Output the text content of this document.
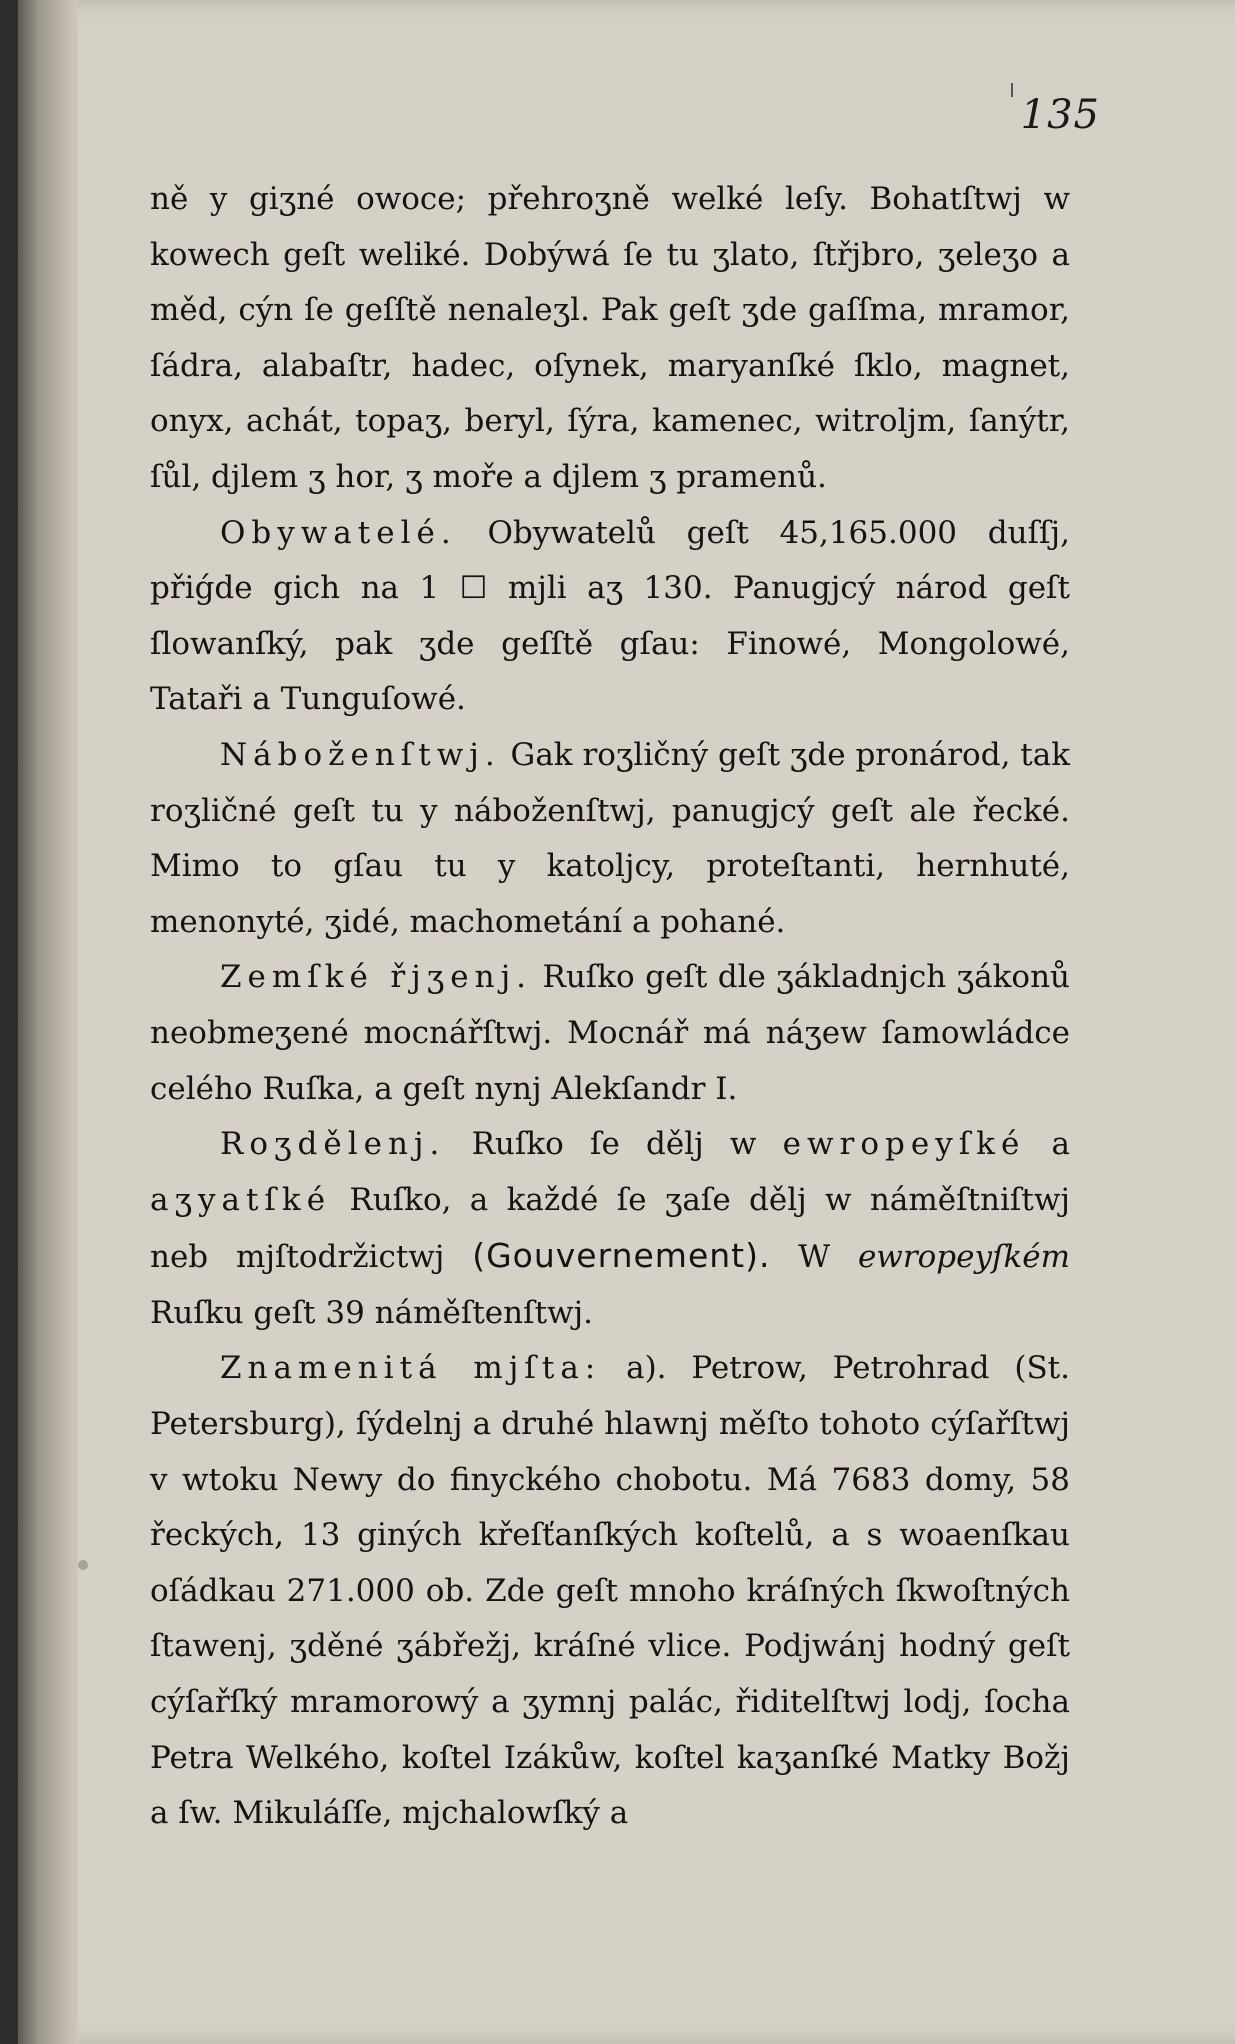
135

ně y giʒné owoce; přehroʒně welké leſy. Bohatſtwj w kowech geſt weliké. Dobýwá ſe tu ʒlato, ſtřjbro, ʒeleʒo a měd, cýn ſe geſſtě nenaleʒl. Pak geſt ʒde gaſſma, mramor, ſádra, alabaſtr, hadec, oſynek, maryanſké ſklo, magnet, onyx, achát, topaʒ, beryl, ſýra, kamenec, witroljm, ſanýtr, ſůl, djlem ʒ hor, ʒ moře a djlem ʒ pramenů.

Obywatelé. Obywatelů geſt 45,165.000 duſſj, přiǵde gich na 1 ☐ mjli aʒ 130. Panugjcý národ geſt ſlowanſký, pak ʒde geſſtě gſau: Finowé, Mongolowé, Tataři a Tunguſowé.

Náboženſtwj. Gak roʒličný geſt ʒde pronárod, tak roʒličné geſt tu y náboženſtwj, panugjcý geſt ale řecké. Mimo to gſau tu y katoljcy, proteſtanti, hernhuté, menonyté, ʒidé, machometání a pohané.

Zemſké řjʒenj. Ruſko geſt dle ʒákladnjch ʒákonů neobmeʒené mocnářſtwj. Mocnář má náʒew ſamowládce celého Ruſka, a geſt nynj Alekſandr I.

Roʒdělenj. Ruſko ſe dělj w ewropeyſké a aʒyatſké Ruſko, a každé ſe ʒaſe dělj w náměſtniſtwj neb mjſtodržictwj (Gouvernement). W ewropeyſkém Ruſku geſt 39 náměſtenſtwj.

Znamenitá mjſta: a). Petrow, Petrohrad (St. Petersburg), ſýdelnj a druhé hlawnj měſto tohoto cýſařſtwj v wtoku Newy do finyckého chobotu. Má 7683 domy, 58 řeckých, 13 giných křeſťanſkých koſtelů, a s woaenſkau oſádkau 271.000 ob. Zde geſt mnoho kráſných ſkwoſtných ſtawenj, ʒděné ʒábřežj, kráſné vlice. Podjwánj hodný geſt cýſařſký mramorowý a ʒymnj palác, řiditelſtwj lodj, ſocha Petra Welkého, koſtel Izákůw, koſtel kaʒanſké Matky Božj a ſw. Mikuláſſe, mjchalowſký a
